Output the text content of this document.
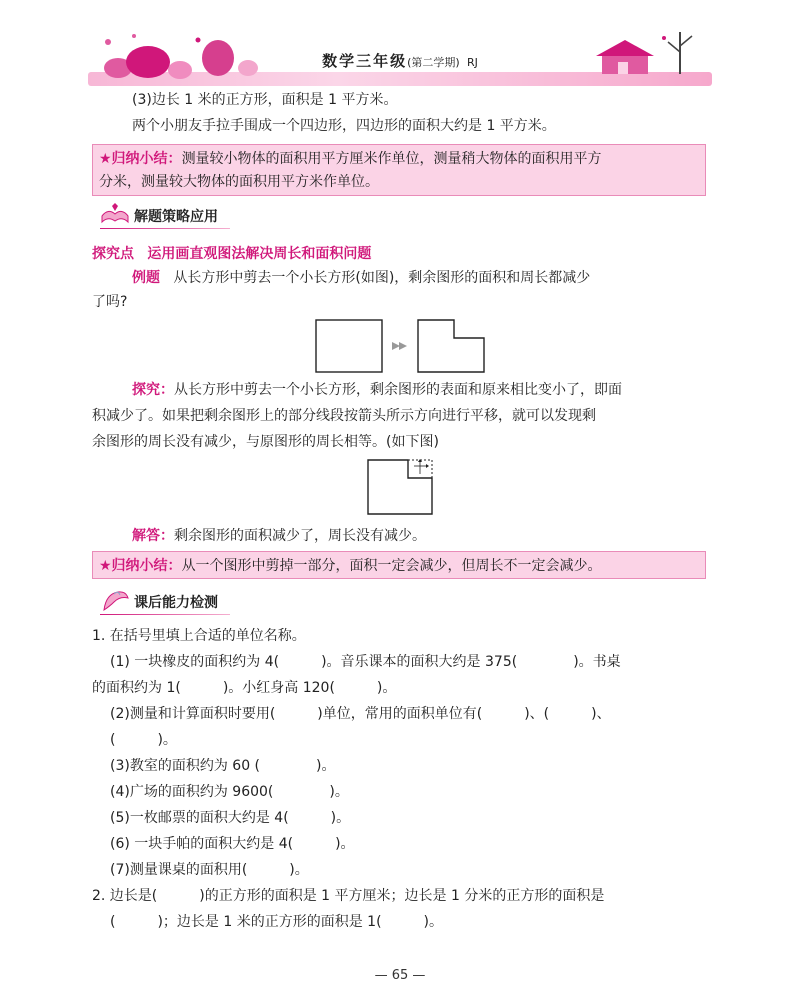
数学三年级(第二学期) RJ
(3)边长 1 米的正方形，面积是 1 平方米。
两个小朋友手拉手围成一个四边形，四边形的面积大约是 1 平方米。
★归纳小结：测量较小物体的面积用平方厘米作单位，测量稍大物体的面积用平方
分米，测量较大物体的面积用平方米作单位。
解题策略应用
探究点 运用画直观图法解决周长和面积问题
例题 从长方形中剪去一个小长方形(如图)，剩余图形的面积和周长都减少
了吗?
探究：从长方形中剪去一个小长方形，剩余图形的表面和原来相比变小了，即面
积减少了。如果把剩余图形上的部分线段按箭头所示方向进行平移，就可以发现剩
余图形的周长没有减少，与原图形的周长相等。(如下图)
解答：剩余图形的面积减少了，周长没有减少。
★归纳小结：从一个图形中剪掉一部分，面积一定会减少，但周长不一定会减少。
课后能力检测
1. 在括号里填上合适的单位名称。
(1) 一块橡皮的面积约为 4(　　　)。音乐课本的面积大约是 375(　　　　)。书桌
的面积约为 1(　　　)。小红身高 120(　　　)。
(2)测量和计算面积时要用(　　　)单位，常用的面积单位有(　　　)、(　　　)、
(　　　)。
(3)教室的面积约为 60 (　　　　)。
(4)广场的面积约为 9600(　　　　)。
(5)一枚邮票的面积大约是 4(　　　)。
(6) 一块手帕的面积大约是 4(　　　)。
(7)测量课桌的面积用(　　　)。
2. 边长是(　　　)的正方形的面积是 1 平方厘米；边长是 1 分米的正方形的面积是
(　　　)；边长是 1 米的正方形的面积是 1(　　　)。
— 65 —
